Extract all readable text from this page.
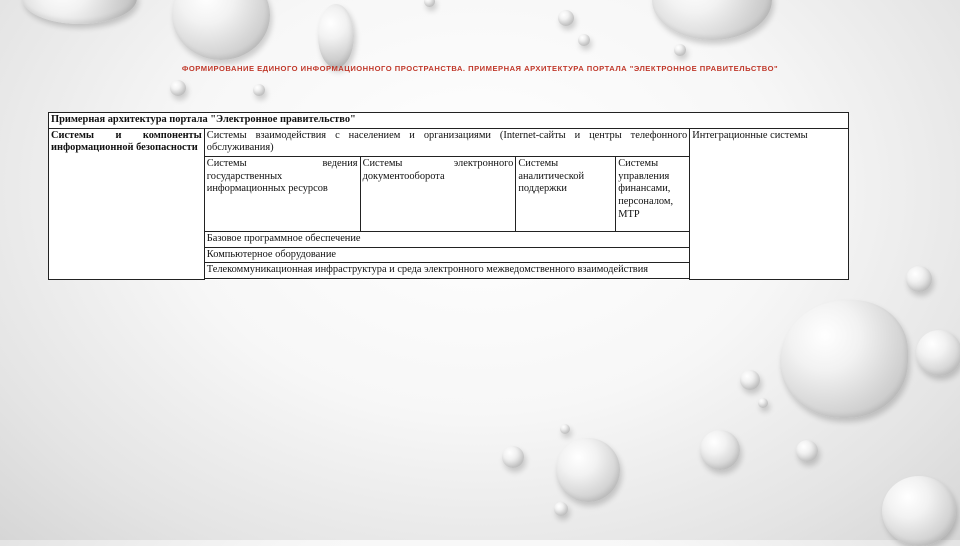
ФОРМИРОВАНИЕ ЕДИНОГО ИНФОРМАЦИОННОГО ПРОСТРАНСТВА. ПРИМЕРНАЯ АРХИТЕКТУРА ПОРТАЛА "ЭЛЕКТРОННОЕ ПРАВИТЕЛЬСТВО"
Примерная архитектура портала "Электронное правительство"					
Системы и компоненты информационной безопасности	Системы взаимодействия с населением и организациями (Internet-сайты и центры телефонного обслуживания)				Интеграционные системы
	Системы ведения государственных информационных ресурсов	Системы электронного документооборота	Системы аналитической поддержки	Системы управления финансами, персоналом, МТР	
	Базовое программное обеспечение				
	Компьютерное оборудование				
	Телекоммуникационная инфраструктура и среда электронного межведомственного взаимодействия				
